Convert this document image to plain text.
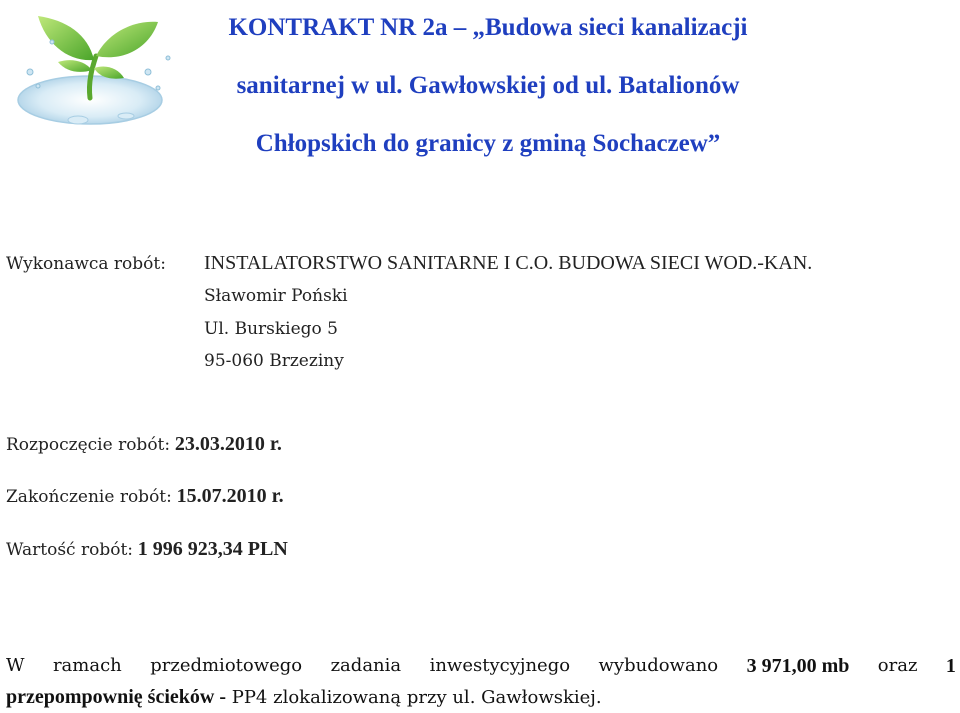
KONTRAKT NR 2a – „Budowa sieci kanalizacji
sanitarnej w ul. Gawłowskiej od ul. Batalionów
Chłopskich do granicy z gminą Sochaczew”
Wykonawca robót: INSTALATORSTWO SANITARNE I C.O. BUDOWA SIECI WOD.-KAN.
Sławomir Poński
Ul. Burskiego 5
95-060 Brzeziny
Rozpoczęcie robót: 23.03.2010 r.
Zakończenie robót: 15.07.2010 r.
Wartość robót: 1 996 923,34 PLN
W ramach przedmiotowego zadania inwestycyjnego wybudowano 3 971,00 mb oraz 1
przepompownię ścieków - PP4 zlokalizowaną przy ul. Gawłowskiej.
